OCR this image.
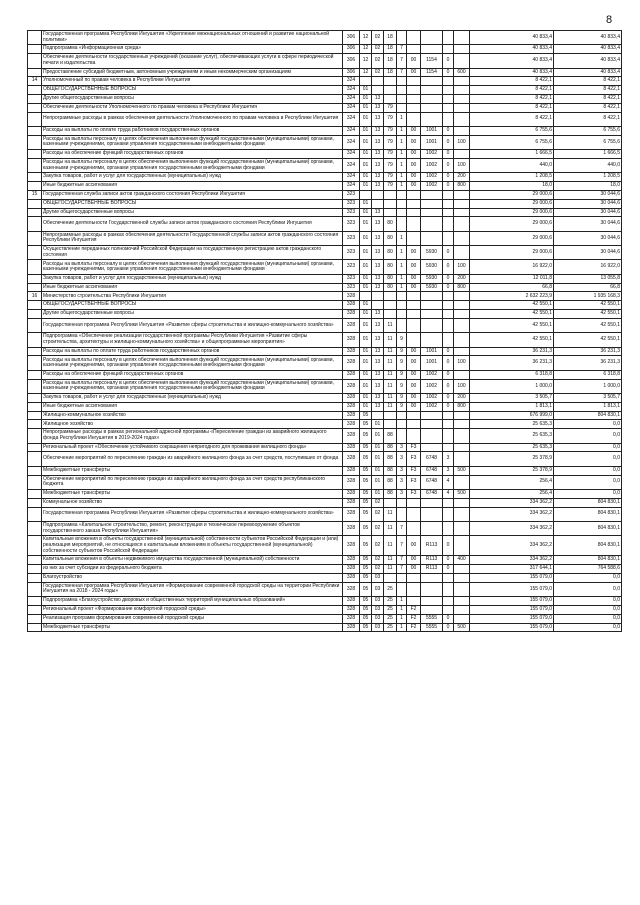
8
	Государственная программа Республики Ингушетия «Укрепление межнациональных отношений и развитие национальной политики»	306	12	02	18						40 833,4	40 833,4
	Подпрограмма «Информационная среда»	306	12	02	18	7					40 833,4	40 833,4
	Обеспечение деятельности государственных учреждений (оказание услуг), обеспечивающих услуги в сфере периодической печати и издательства	306	12	02	18	7	00	1154	0		40 833,4	40 833,4
	Предоставление субсидий бюджетным, автономным учреждениям и иным некоммерческим организациям	306	12	02	18	7	00	1154	0	600	40 833,4	40 833,4
14	Уполномоченный по правам человека в Республике Ингушетия	324									8 422,1	8 422,1
	ОБЩЕГОСУДАРСТВЕННЫЕ ВОПРОСЫ	324	01								8 422,1	8 422,1
	Другие общегосударственные вопросы	324	01	13							8 422,1	8 422,1
	Обеспечение деятельности Уполномоченного по правам человека в Республике Ингушетия	324	01	13	79						8 422,1	8 422,1
	Непрограммные расходы в рамках обеспечения деятельности Уполномоченного по правам человека в Республике Ингушетия	324	01	13	79	1					8 422,1	8 422,1
	Расходы на выплаты по оплате труда работников государственных органов	324	01	13	79	1	00	1001	0		6 755,6	6 755,6
	Расходы на выплаты персоналу в целях обеспечения выполнения функций государственными (муниципальными) органами, казенными учреждениями, органами управления государственными внебюджетными фондами	324	01	13	79	1	00	1001	0	100	6 755,6	6 755,6
	Расходы на обеспечение функций государственных органов	324	01	13	79	1	00	1002	0		1 666,5	1 666,5
	Расходы на выплаты персоналу в целях обеспечения выполнения функций государственными (муниципальными) органами, казенными учреждениями, органами управления государственными внебюджетными фондами	324	01	13	79	1	00	1002	0	100	440,0	440,0
	Закупка товаров, работ и услуг для государственных (муниципальных) нужд	324	01	13	79	1	00	1002	0	200	1 208,5	1 208,5
	Иные бюджетные ассигнования	324	01	13	79	1	00	1002	0	800	18,0	18,0
15	Государственная служба записи актов гражданского состояния Республики Ингушетия	323									29 000,6	30 044,6
	ОБЩЕГОСУДАРСТВЕННЫЕ ВОПРОСЫ	323	01								29 000,6	30 044,6
	Другие общегосударственные вопросы	323	01	13							29 000,6	30 044,6
	Обеспечение деятельности Государственной службы записи актов гражданского состояния Республики Ингушетия	323	01	13	80						29 000,6	30 044,6
	Непрограммные расходы в рамках обеспечения деятельности Государственной службы записи актов гражданского состояния Республики Ингушетия	323	01	13	80	1					29 000,6	30 044,6
	Осуществление переданных полномочий Российской Федерации на государственную регистрацию актов гражданского состояния	323	01	13	80	1	00	5930	0		29 000,6	30 044,6
	Расходы на выплаты персоналу в целях обеспечения выполнения функций государственными (муниципальными) органами, казенными учреждениями, органами управления государственными внебюджетными фондами	323	01	13	80	1	00	5930	0	100	16 922,0	16 922,0
	Закупка товаров, работ и услуг для государственных (муниципальных) нужд	323	01	13	80	1	00	5930	0	200	12 011,8	13 055,8
	Иные бюджетные ассигнования	323	01	13	80	1	00	5930	0	800	66,8	66,8
16	Министерство строительства Республики Ингушетия	328									2 632 223,9	1 935 168,3
	ОБЩЕГОСУДАРСТВЕННЫЕ ВОПРОСЫ	328	01								42 550,1	42 550,1
	Другие общегосударственные вопросы	328	01	13							42 550,1	42 550,1
	Государственная программа Республики Ингушетия «Развитие сферы строительства и жилищно-коммунального хозяйства»	328	01	13	11						42 550,1	42 550,1
	Подпрограмма «Обеспечение реализации государственной программы Республики Ингушетия «Развитие сферы строительства, архитектуры и жилищно-коммунального хозяйства» и общепрограммные мероприятия»	328	01	13	11	9					42 550,1	42 550,1
	Расходы на выплаты по оплате труда работников государственных органов	328	01	13	11	9	00	1001	0		36 231,3	36 231,3
	Расходы на выплаты персоналу в целях обеспечения выполнения функций государственными (муниципальными) органами, казенными учреждениями, органами управления государственными внебюджетными фондами	328	01	13	11	9	00	1001	0	100	36 231,3	36 231,3
	Расходы на обеспечение функций государственных органов	328	01	13	11	9	00	1002	0		6 318,8	6 318,8
	Расходы на выплаты персоналу в целях обеспечения выполнения функций государственными (муниципальными) органами, казенными учреждениями, органами управления государственными внебюджетными фондами	328	01	13	11	9	00	1002	0	100	1 000,0	1 000,0
	Закупка товаров, работ и услуг для государственных (муниципальных) нужд	328	01	13	11	9	00	1002	0	200	3 505,7	3 505,7
	Иные бюджетные ассигнования	328	01	13	11	9	00	1002	0	800	1 813,1	1 813,1
	Жилищно-коммунальное хозяйство	328	05								676 999,0	804 830,1
	Жилищное хозяйство	328	05	01							25 635,3	0,0
	Непрограммные расходы в рамках региональной адресной программы «Переселение граждан из аварийного жилищного фонда Республики Ингушетия в 2019-2024 годах»	328	05	01	88						25 635,3	0,0
	Региональный проект «Обеспечение устойчивого сокращения непригодного для проживания жилищного фонда»	328	05	01	88	3	F3				25 635,3	0,0
	Обеспечение мероприятий по переселению граждан из аварийного жилищного фонда за счет средств, поступивших от фонда	328	05	01	88	3	F3	6748	3		25 378,9	0,0
	Межбюджетные трансферты	328	05	01	88	3	F3	6748	3	500	25 378,9	0,0
	Обеспечение мероприятий по переселению граждан из аварийного жилищного фонда за счет средств республиканского бюджета	328	05	01	88	3	F3	6748	4		256,4	0,0
	Межбюджетные трансферты	328	05	01	88	3	F3	6748	4	500	256,4	0,0
	Коммунальное хозяйство	328	05	02							334 362,2	804 830,1
	Государственная программа Республики Ингушетия «Развитие сферы строительства и жилищно-коммунального хозяйства»	328	05	02	11						334 362,2	804 830,1
	Подпрограмма «Капитальное строительство, ремонт, реконструкция и техническое перевооружение объектов государственного заказа Республики Ингушетия»	328	05	02	11	7					334 362,2	804 830,1
	Капитальные вложения в объекты государственной (муниципальной) собственности субъектов Российской Федерации и (или) реализация мероприятий, не относящихся к капитальным вложениям в объекты государственной (муниципальной) собственности субъектов Российской Федерации	328	05	02	11	7	00	R113	0		334 362,2	804 830,1
	Капитальные вложения в объекты недвижимого имущества государственной (муниципальной) собственности	328	05	02	11	7	00	R113	0	400	334 362,2	804 830,1
	из них за счет субсидии из федерального бюджета	328	05	02	11	7	00	R113	0		317 644,1	764 588,6
	Благоустройство	328	05	03							155 079,0	0,0
	Государственная программа Республики Ингушетия «Формирование современной городской среды на территории Республики Ингушетия на 2018 - 2024 годы»	328	05	03	25						155 079,0	0,0
	Подпрограмма «Благоустройство дворовых и общественных территорий муниципальных образований»	328	05	03	25	1					155 079,0	0,0
	Региональный проект «Формирование комфортной городской среды»	328	05	03	25	1	F2				155 079,0	0,0
	Реализация программ формирования современной городской среды	328	05	03	25	1	F2	5555	0		155 079,0	0,0
	Межбюджетные трансферты	328	05	03	25	1	F2	5555	0	500	155 079,0	0,0
